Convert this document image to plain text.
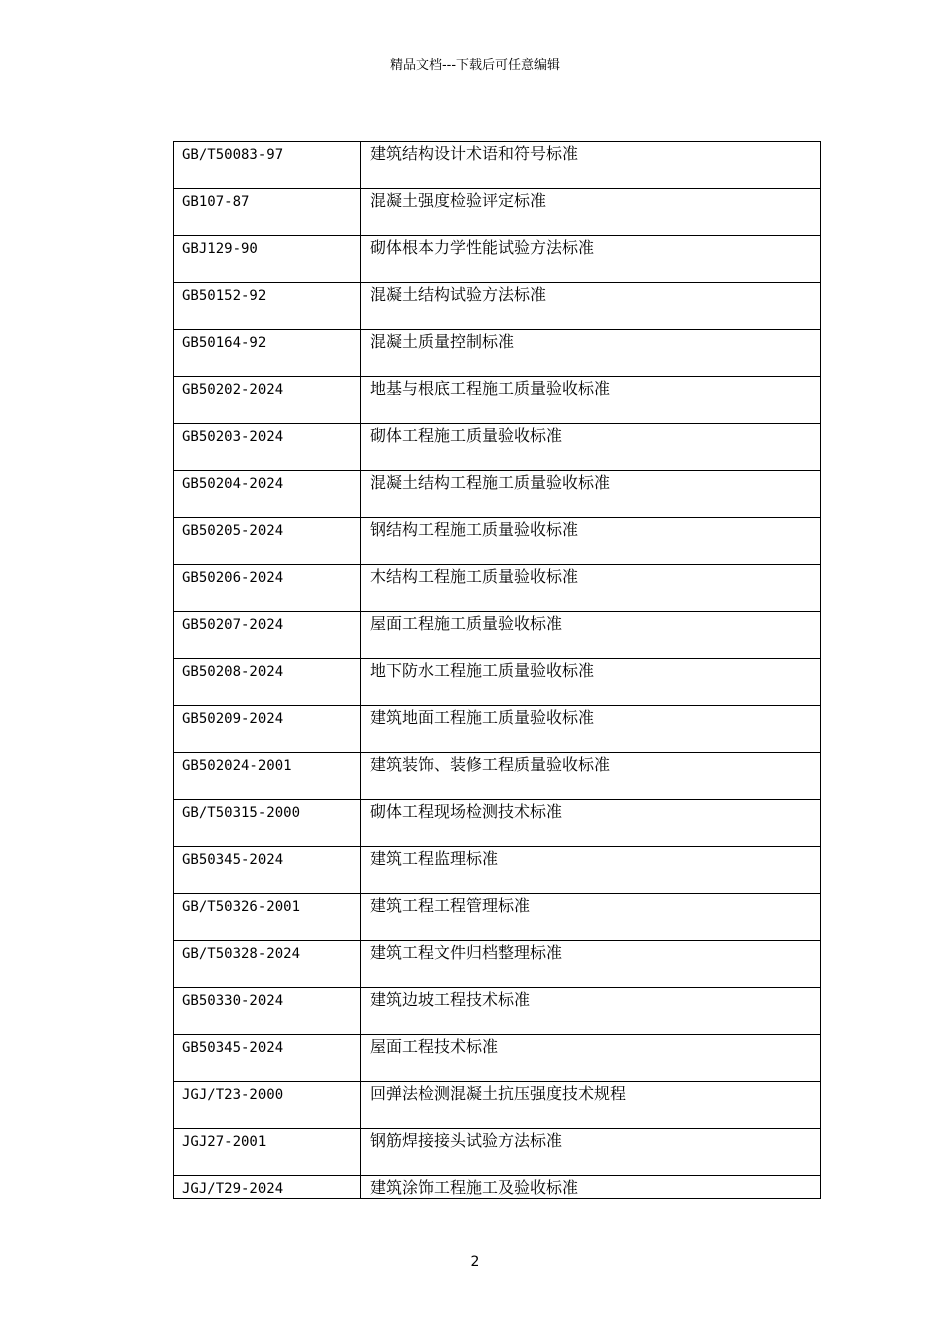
精品文档---下载后可任意编辑
GB/T50083-97	建筑结构设计术语和符号标准

GB107-87	混凝土强度检验评定标准

GBJ129-90	砌体根本力学性能试验方法标准

GB50152-92	混凝土结构试验方法标准

GB50164-92	混凝土质量控制标准

GB50202-2024	地基与根底工程施工质量验收标准

GB50203-2024	砌体工程施工质量验收标准

GB50204-2024	混凝土结构工程施工质量验收标准

GB50205-2024	钢结构工程施工质量验收标准

GB50206-2024	木结构工程施工质量验收标准

GB50207-2024	屋面工程施工质量验收标准

GB50208-2024	地下防水工程施工质量验收标准

GB50209-2024	建筑地面工程施工质量验收标准

GB502024-2001	建筑装饰、装修工程质量验收标准

GB/T50315-2000	砌体工程现场检测技术标准

GB50345-2024	建筑工程监理标准

GB/T50326-2001	建筑工程工程管理标准

GB/T50328-2024	建筑工程文件归档整理标准

GB50330-2024	建筑边坡工程技术标准

GB50345-2024	屋面工程技术标准

JGJ/T23-2000	回弹法检测混凝土抗压强度技术规程

JGJ27-2001	钢筋焊接接头试验方法标准

JGJ/T29-2024	建筑涂饰工程施工及验收标准
2
